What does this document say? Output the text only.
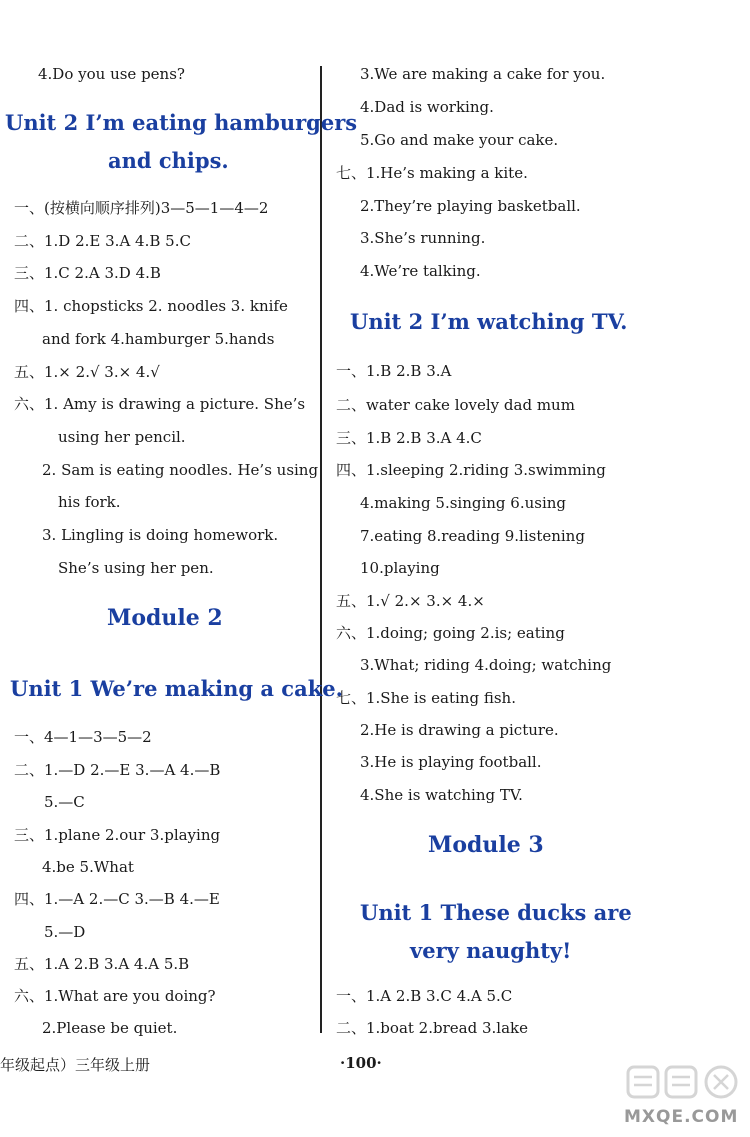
4.Do you use pens?
Unit 2 I’m eating hamburgers
and chips.
一、(按横向顺序排列)3—5—1—4—2
二、1.D 2.E 3.A 4.B 5.C
三、1.C 2.A 3.D 4.B
四、1. chopsticks 2. noodles 3. knife
and fork 4.hamburger 5.hands
五、1.× 2.√ 3.× 4.√
六、1. Amy is drawing a picture. She’s
using her pencil.
2. Sam is eating noodles. He’s using
his fork.
3. Lingling is doing homework.
She’s using her pen.
Module 2
Unit 1 We’re making a cake.
一、4—1—3—5—2
二、1.—D 2.—E 3.—A 4.—B
5.—C
三、1.plane 2.our 3.playing
4.be 5.What
四、1.—A 2.—C 3.—B 4.—E
5.—D
五、1.A 2.B 3.A 4.A 5.B
六、1.What are you doing?
2.Please be quiet.
3.We are making a cake for you.
4.Dad is working.
5.Go and make your cake.
七、1.He’s making a kite.
2.They’re playing basketball.
3.She’s running.
4.We’re talking.
Unit 2 I’m watching TV.
一、1.B 2.B 3.A
二、water cake lovely dad mum
三、1.B 2.B 3.A 4.C
四、1.sleeping 2.riding 3.swimming
4.making 5.singing 6.using
7.eating 8.reading 9.listening
10.playing
五、1.√ 2.× 3.× 4.×
六、1.doing; going 2.is; eating
3.What; riding 4.doing; watching
七、1.She is eating fish.
2.He is drawing a picture.
3.He is playing football.
4.She is watching TV.
Module 3
Unit 1 These ducks are
very naughty!
一、1.A 2.B 3.C 4.A 5.C
二、1.boat 2.bread 3.lake
年级起点）三年级上册	·100·
MXQE.COM
